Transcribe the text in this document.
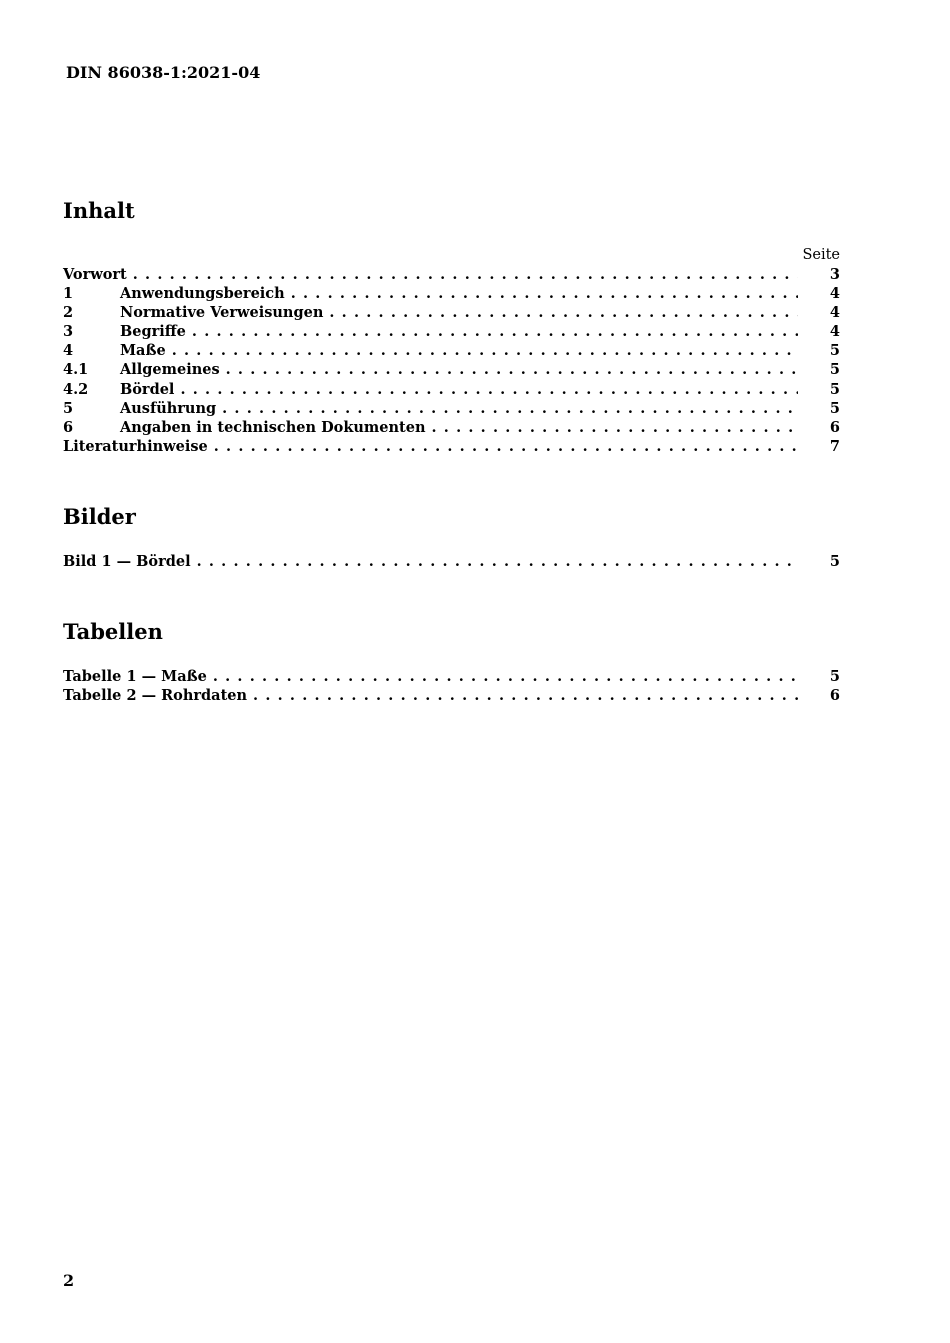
DIN 86038-1:2021-04
Inhalt
Seite
Vorwort . . .	3
1	Anwendungsbereich . . .	4
2	Normative Verweisungen . . .	4
3	Begriffe . . .	4
4	Maße . . .	5
4.1	Allgemeines . . .	5
4.2	Bördel . . .	5
5	Ausführung . . .	5
6	Angaben in technischen Dokumenten . . .	6
Literaturhinweise . . .	7
Bilder
Bild 1 — Bördel . . .	5
Tabellen
Tabelle 1 — Maße . . .	5
Tabelle 2 — Rohrdaten . . .	6
2
